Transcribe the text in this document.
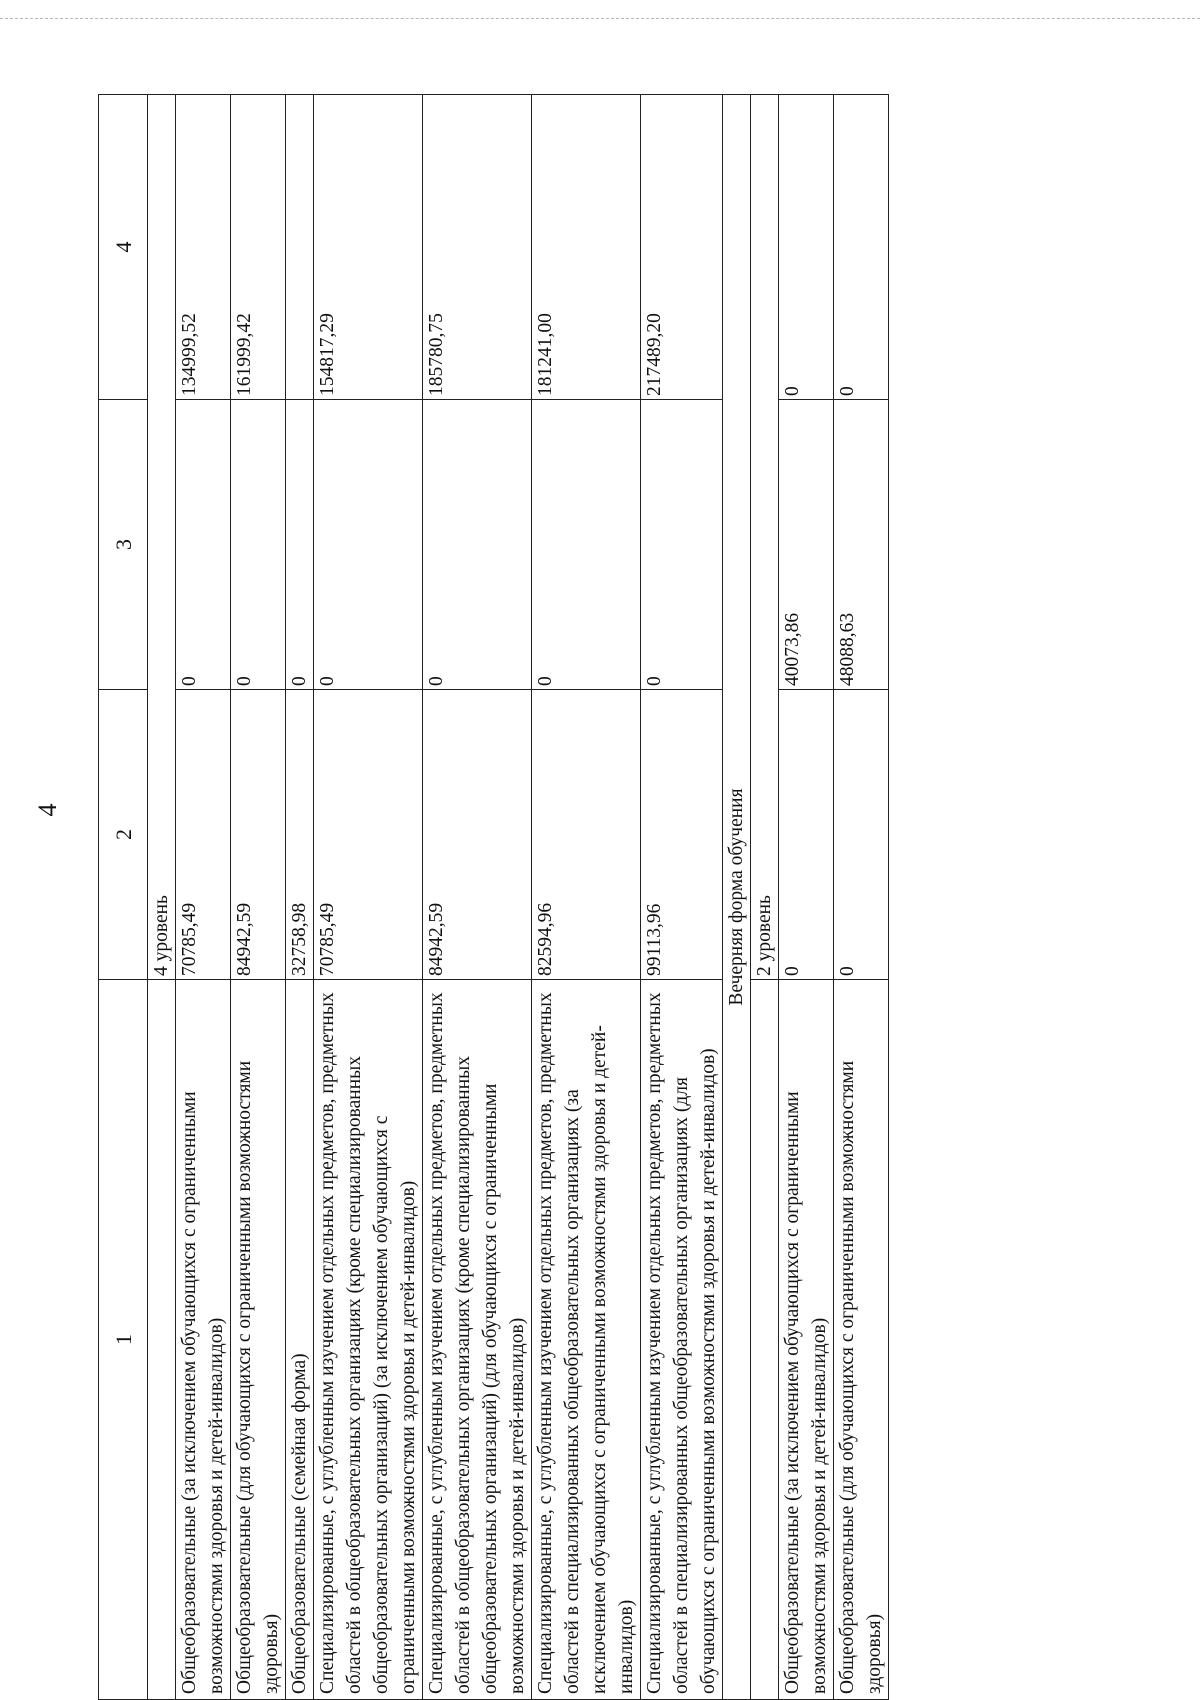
4
1	2	3	4
	4 уровень		
Общеобразовательные (за исключением обучающихся с ограниченными возможностями здоровья и детей-инвалидов)	70785,49	0	134999,52
Общеобразовательные (для обучающихся с ограниченными возможностями здоровья)	84942,59	0	161999,42
Общеобразовательные (семейная форма)	32758,98	0	
Специализированные, с углубленным изучением отдельных предметов, предметных областей в общеобразовательных организациях (кроме специализированных общеобразовательных организаций) (за исключением обучающихся с ограниченными возможностями здоровья и детей-инвалидов)	70785,49	0	154817,29
Специализированные, с углубленным изучением отдельных предметов, предметных областей в общеобразовательных организациях (кроме специализированных общеобразовательных организаций) (для обучающихся с ограниченными возможностями здоровья и детей-инвалидов)	84942,59	0	185780,75
Специализированные, с углубленным изучением отдельных предметов, предметных областей в специализированных общеобразовательных организациях (за исключением обучающихся с ограниченными возможностями здоровья и детей-инвалидов)	82594,96	0	181241,00
Специализированные, с углубленным изучением отдельных предметов, предметных областей в специализированных общеобразовательных организациях (для обучающихся с ограниченными возможностями здоровья и детей-инвалидов)	99113,96	0	217489,20
Вечерняя форма обучения			
	2 уровень		
Общеобразовательные (за исключением обучающихся с ограниченными возможностями здоровья и детей-инвалидов)	0	40073,86	0
Общеобразовательные (для обучающихся с ограниченными возможностями здоровья)	0	48088,63	0
